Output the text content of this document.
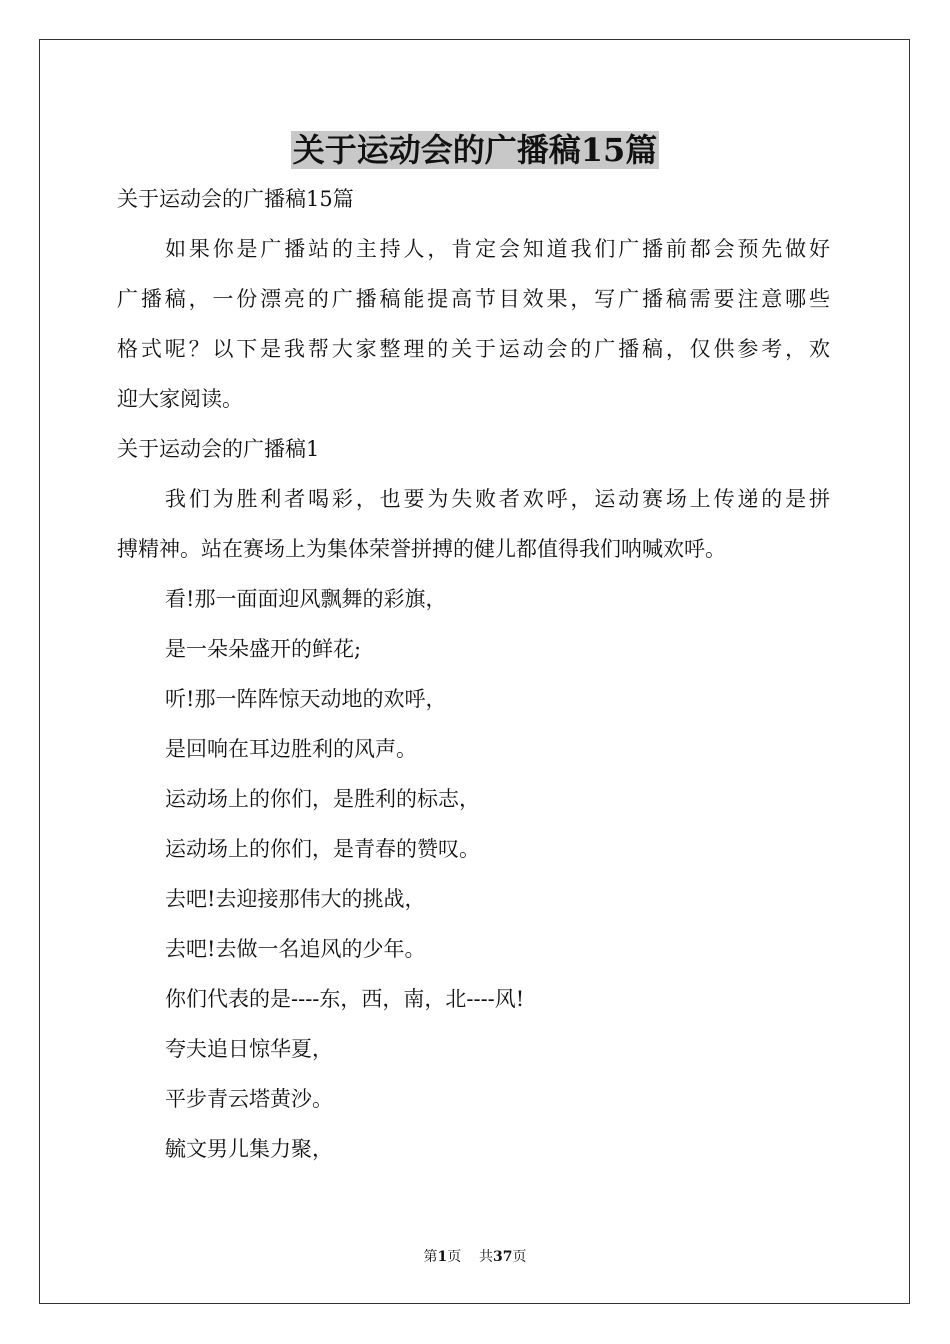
关于运动会的广播稿15篇

关于运动会的广播稿15篇

如果你是广播站的主持人，肯定会知道我们广播前都会预先做好

广播稿，一份漂亮的广播稿能提高节目效果，写广播稿需要注意哪些

格式呢？以下是我帮大家整理的关于运动会的广播稿，仅供参考，欢

迎大家阅读。

关于运动会的广播稿1

我们为胜利者喝彩，也要为失败者欢呼，运动赛场上传递的是拼

搏精神。站在赛场上为集体荣誉拼搏的健儿都值得我们呐喊欢呼。

看!那一面面迎风飘舞的彩旗，

是一朵朵盛开的鲜花;

听!那一阵阵惊天动地的欢呼，

是回响在耳边胜利的风声。

运动场上的你们，是胜利的标志，

运动场上的你们，是青春的赞叹。

去吧!去迎接那伟大的挑战，

去吧!去做一名追风的少年。

你们代表的是----东，西，南，北----风!

夸夫追日惊华夏，

平步青云塔黄沙。

毓文男儿集力聚，

第1页 共37页
